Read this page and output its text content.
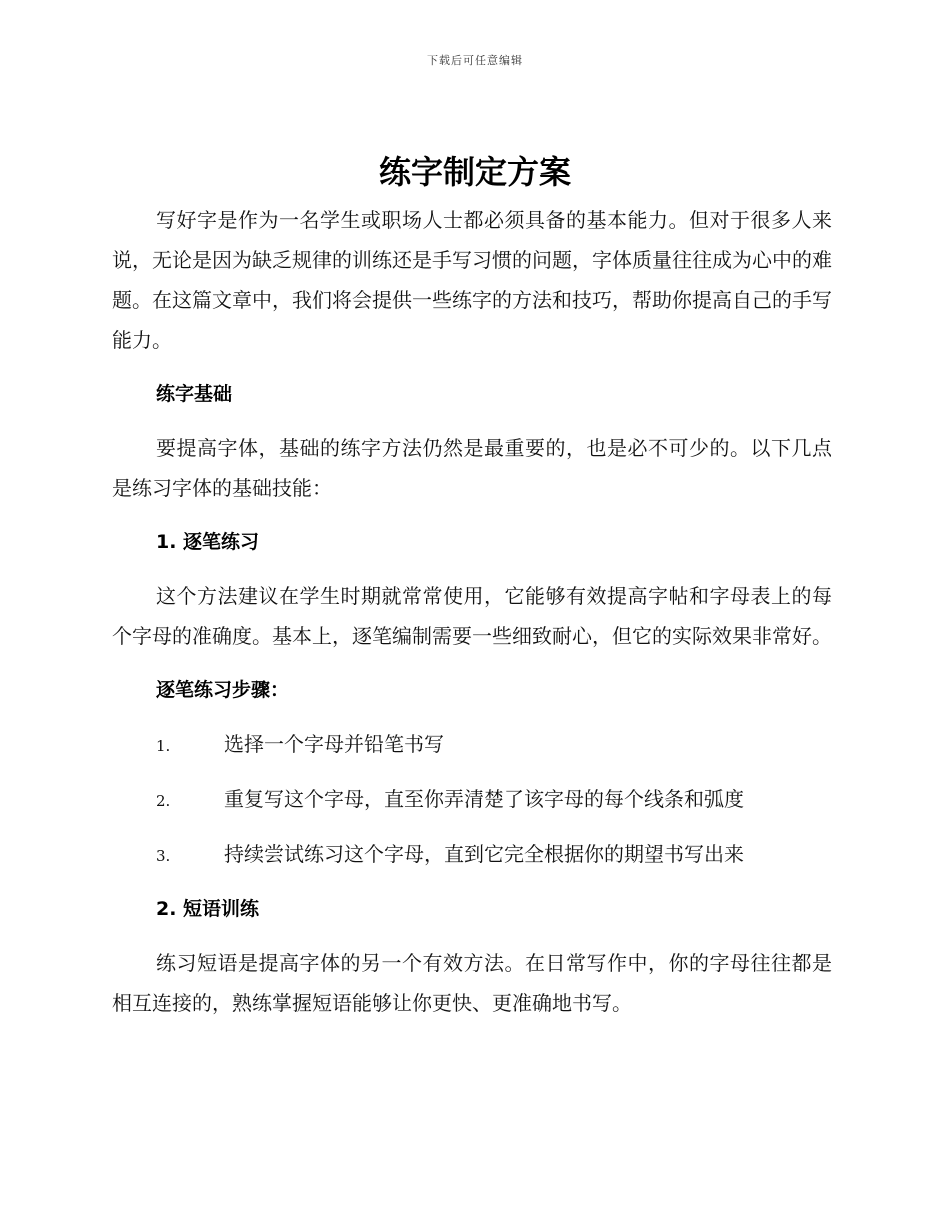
下载后可任意编辑
练字制定方案

写好字是作为一名学生或职场人士都必须具备的基本能力。但对于很多人来说，无论是因为缺乏规律的训练还是手写习惯的问题，字体质量往往成为心中的难题。在这篇文章中，我们将会提供一些练字的方法和技巧，帮助你提高自己的手写能力。

练字基础

要提高字体，基础的练字方法仍然是最重要的，也是必不可少的。以下几点是练习字体的基础技能：

1. 逐笔练习

这个方法建议在学生时期就常常使用，它能够有效提高字帖和字母表上的每个字母的准确度。基本上，逐笔编制需要一些细致耐心，但它的实际效果非常好。

逐笔练习步骤：

1.	选择一个字母并铅笔书写
2.	重复写这个字母，直至你弄清楚了该字母的每个线条和弧度
3.	持续尝试练习这个字母，直到它完全根据你的期望书写出来

2. 短语训练

练习短语是提高字体的另一个有效方法。在日常写作中，你的字母往往都是相互连接的，熟练掌握短语能够让你更快、更准确地书写。
